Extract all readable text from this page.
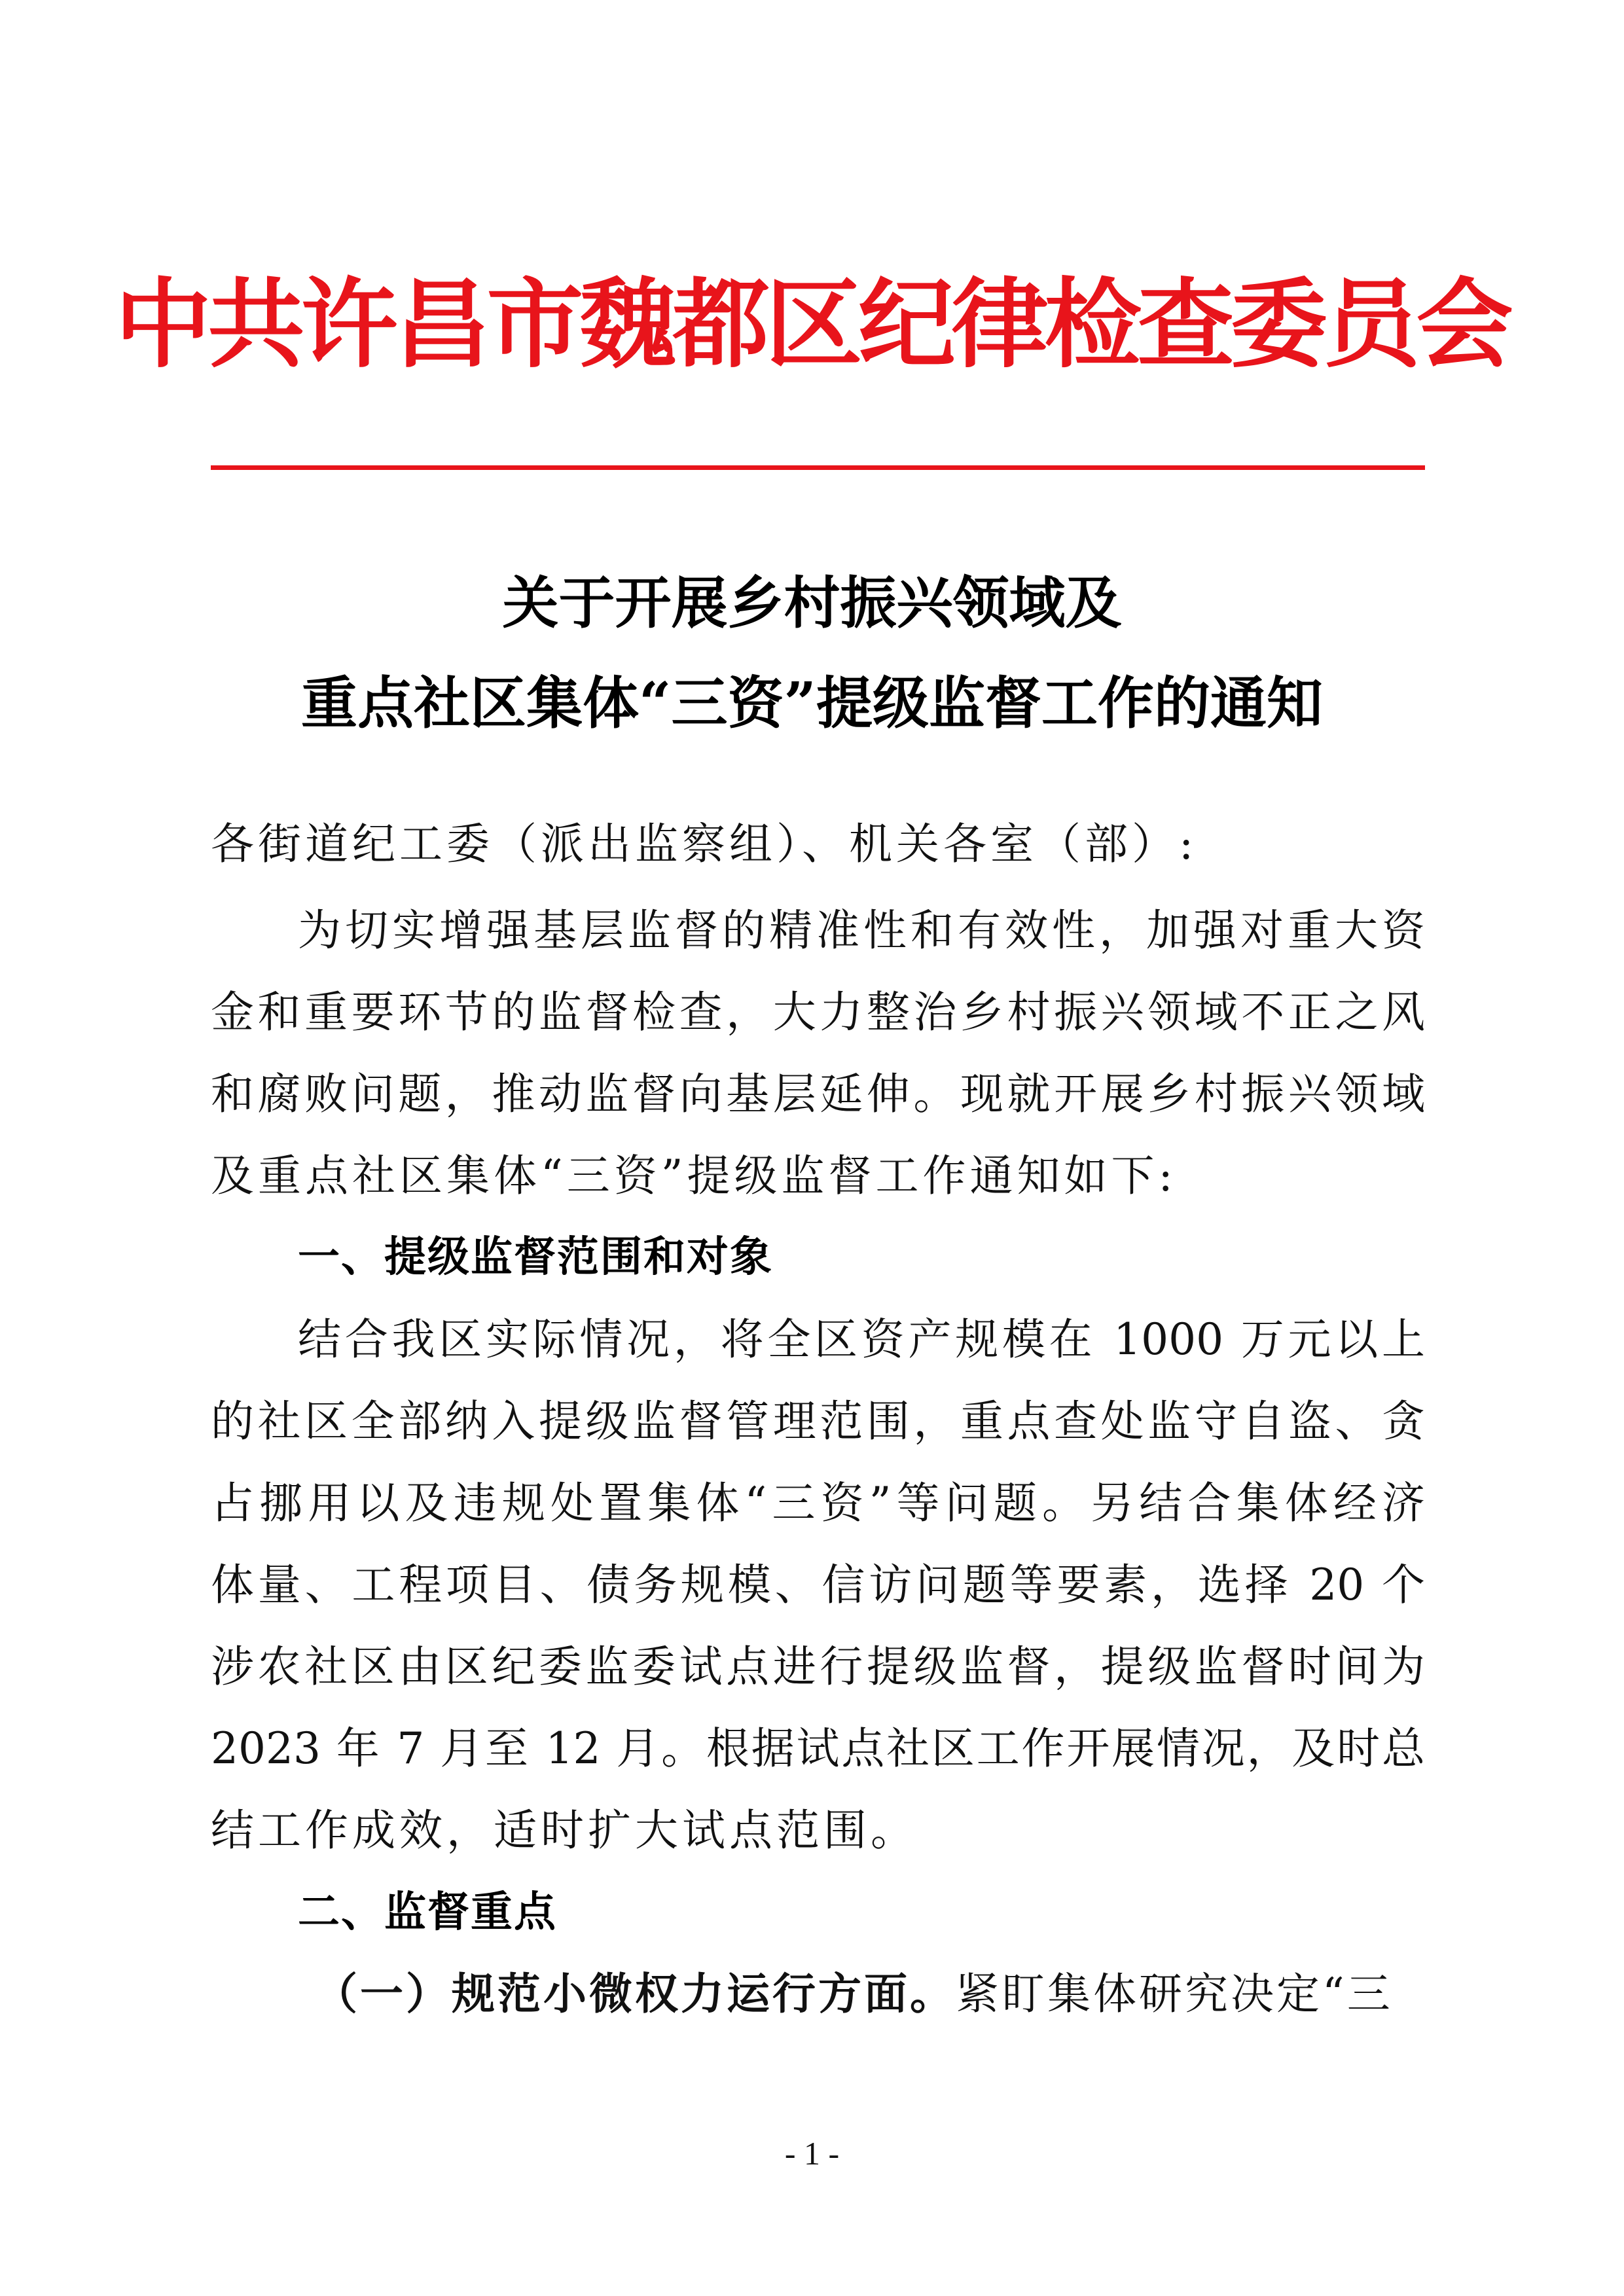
中共许昌市魏都区纪律检查委员会
关于开展乡村振兴领域及
重点社区集体“三资”提级监督工作的通知
各街道纪工委（派出监察组）、机关各室（部）:
为切实增强基层监督的精准性和有效性，加强对重大资
金和重要环节的监督检查，大力整治乡村振兴领域不正之风
和腐败问题，推动监督向基层延伸。现就开展乡村振兴领域
及重点社区集体“三资”提级监督工作通知如下:
一、提级监督范围和对象
结合我区实际情况，将全区资产规模在 1000 万元以上
的社区全部纳入提级监督管理范围，重点查处监守自盗、贪
占挪用以及违规处置集体“三资”等问题。另结合集体经济
体量、工程项目、债务规模、信访问题等要素，选择 20 个
涉农社区由区纪委监委试点进行提级监督，提级监督时间为
2023 年 7 月至 12 月。根据试点社区工作开展情况，及时总
结工作成效，适时扩大试点范围。
二、监督重点
（一）规范小微权力运行方面。紧盯集体研究决定“三
- 1 -
